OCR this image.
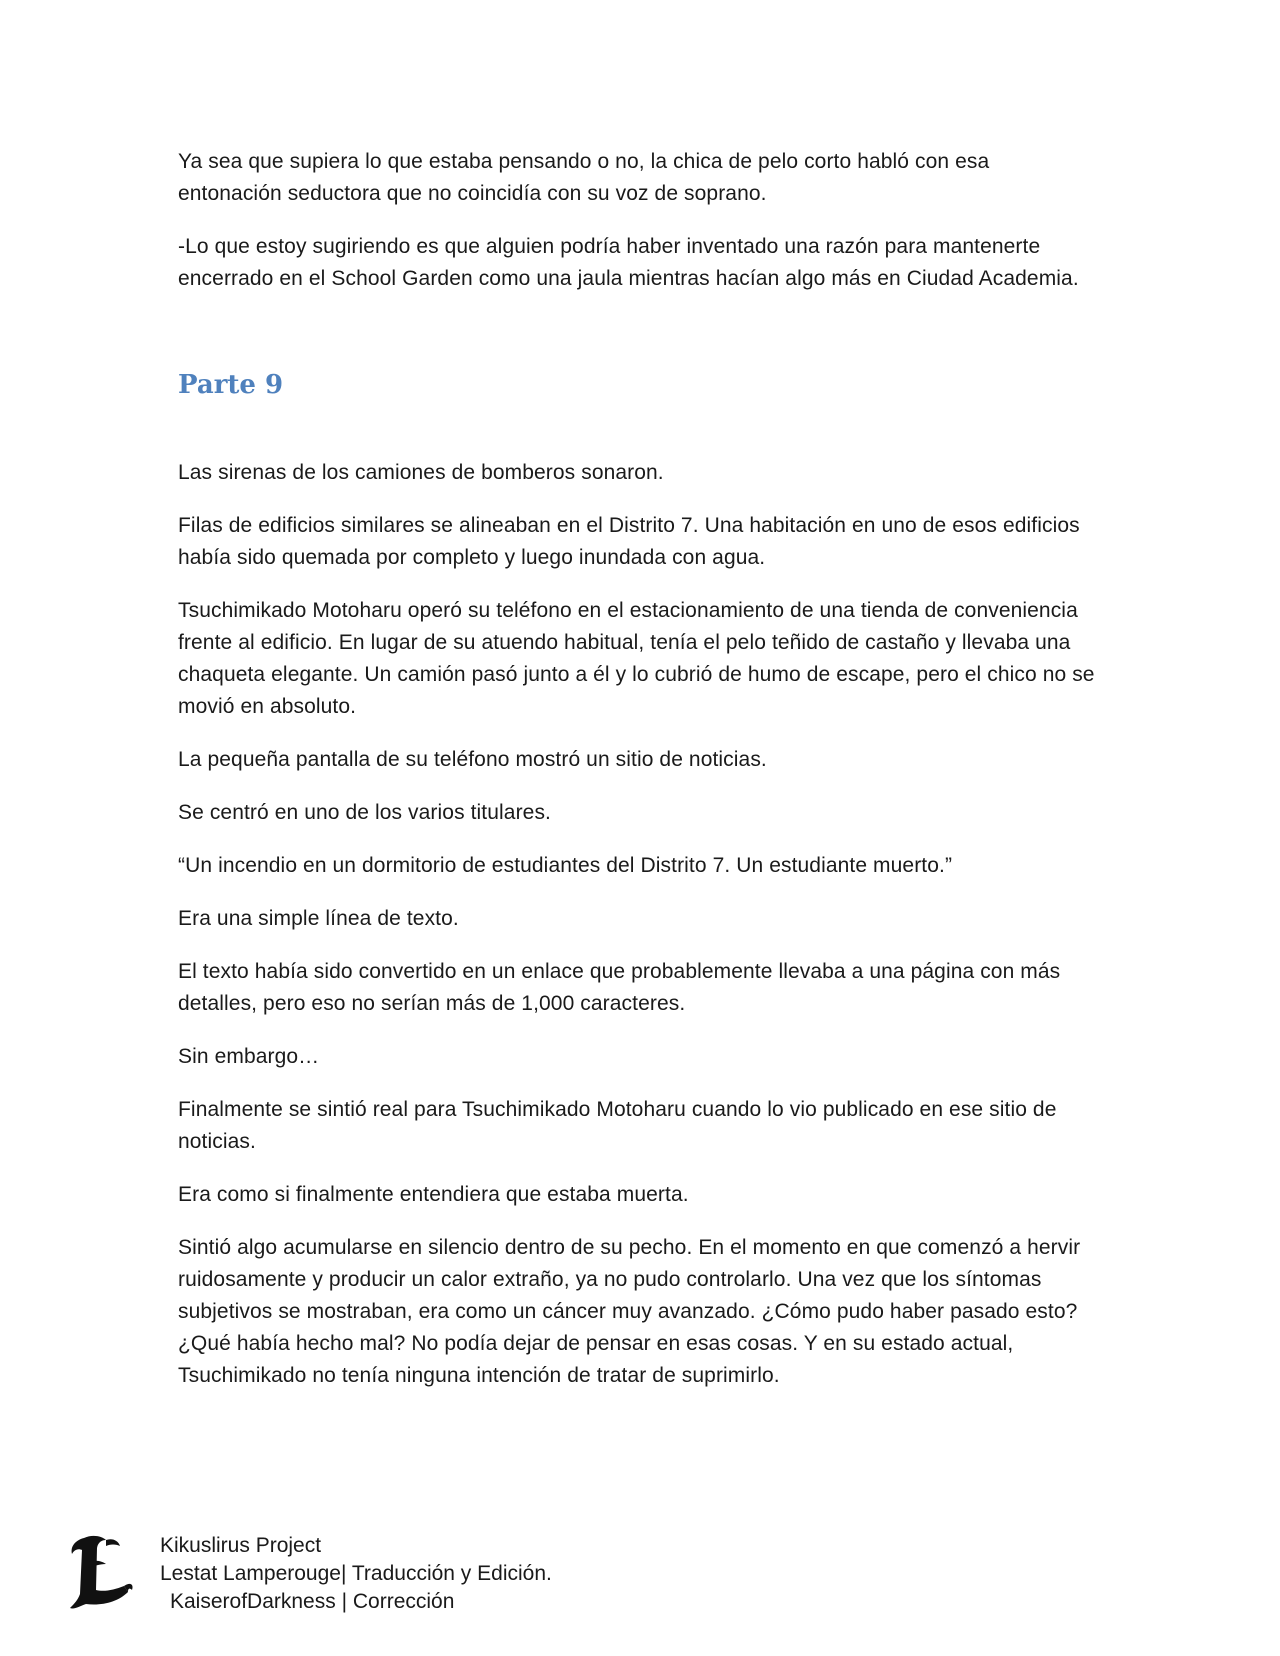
Ya sea que supiera lo que estaba pensando o no, la chica de pelo corto habló con esa entonación seductora que no coincidía con su voz de soprano.

-Lo que estoy sugiriendo es que alguien podría haber inventado una razón para mantenerte encerrado en el School Garden como una jaula mientras hacían algo más en Ciudad Academia.

Parte 9

Las sirenas de los camiones de bomberos sonaron.

Filas de edificios similares se alineaban en el Distrito 7. Una habitación en uno de esos edificios había sido quemada por completo y luego inundada con agua.

Tsuchimikado Motoharu operó su teléfono en el estacionamiento de una tienda de conveniencia frente al edificio. En lugar de su atuendo habitual, tenía el pelo teñido de castaño y llevaba una chaqueta elegante. Un camión pasó junto a él y lo cubrió de humo de escape, pero el chico no se movió en absoluto.

La pequeña pantalla de su teléfono mostró un sitio de noticias.

Se centró en uno de los varios titulares.

“Un incendio en un dormitorio de estudiantes del Distrito 7. Un estudiante muerto.”

Era una simple línea de texto.

El texto había sido convertido en un enlace que probablemente llevaba a una página con más detalles, pero eso no serían más de 1,000 caracteres.

Sin embargo…

Finalmente se sintió real para Tsuchimikado Motoharu cuando lo vio publicado en ese sitio de noticias.

Era como si finalmente entendiera que estaba muerta.

Sintió algo acumularse en silencio dentro de su pecho. En el momento en que comenzó a hervir ruidosamente y producir un calor extraño, ya no pudo controlarlo. Una vez que los síntomas subjetivos se mostraban, era como un cáncer muy avanzado. ¿Cómo pudo haber pasado esto? ¿Qué había hecho mal? No podía dejar de pensar en esas cosas. Y en su estado actual, Tsuchimikado no tenía ninguna intención de tratar de suprimirlo.

Kikuslirus Project
Lestat Lamperouge| Traducción y Edición.
KaiserofDarkness | Corrección
